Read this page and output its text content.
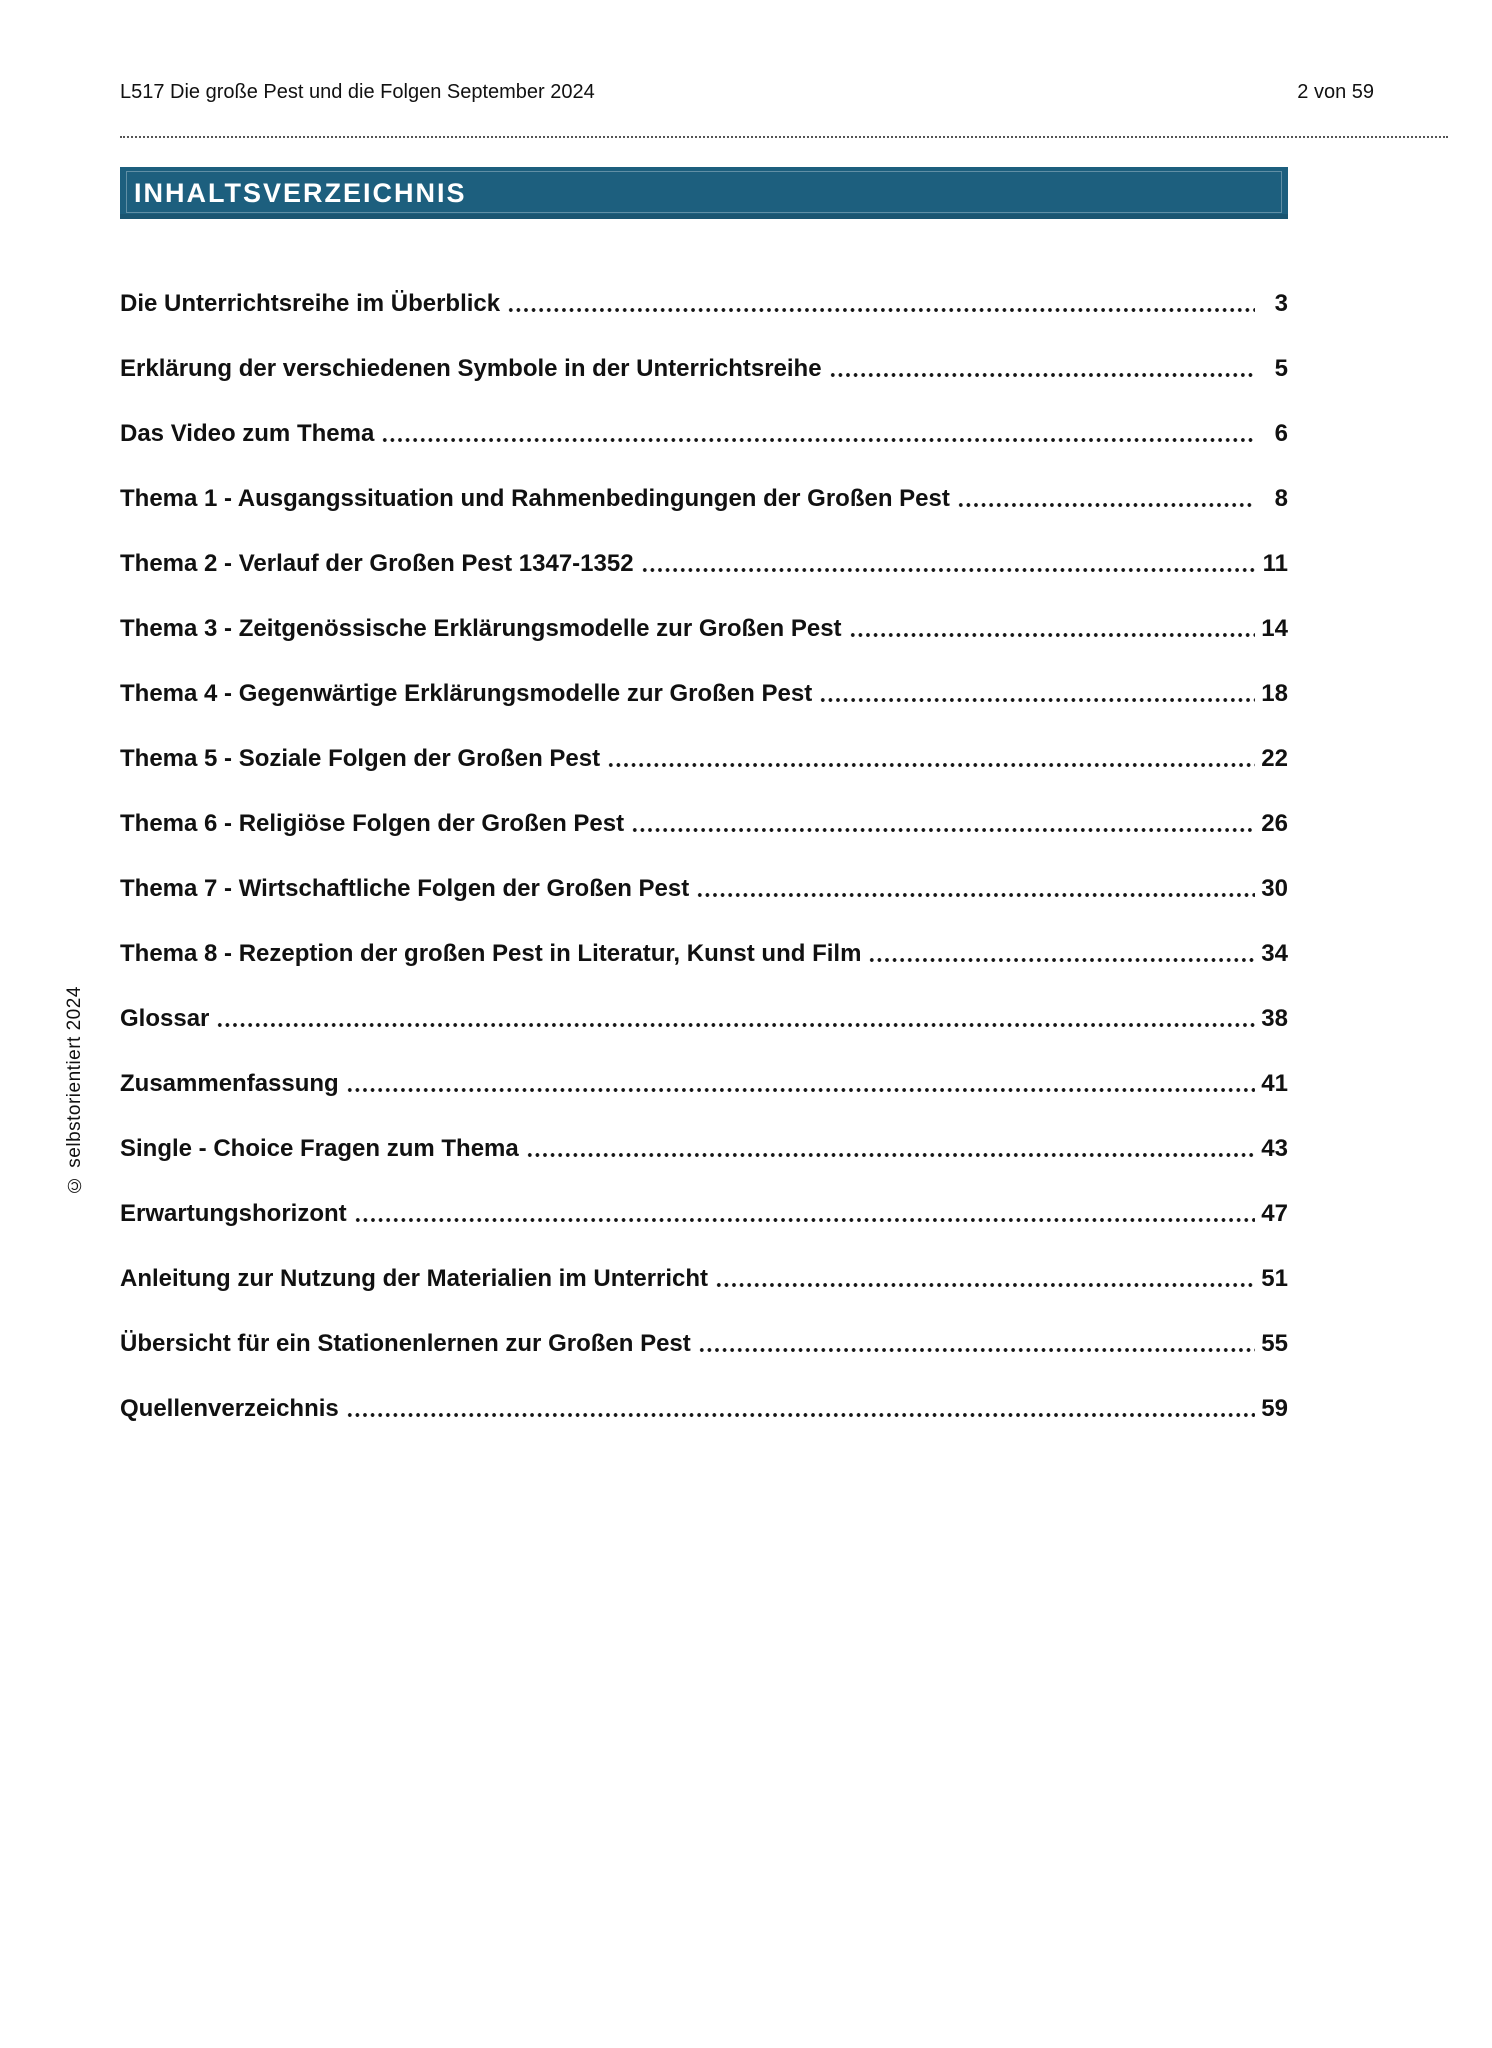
L517 Die große Pest und die Folgen September 2024	2 von 59
INHALTSVERZEICHNIS
Die Unterrichtsreihe im Überblick	3
Erklärung der verschiedenen Symbole in der Unterrichtsreihe	5
Das Video zum Thema	6
Thema 1 - Ausgangssituation und Rahmenbedingungen der Großen Pest	8
Thema 2 - Verlauf der Großen Pest 1347-1352	11
Thema 3 - Zeitgenössische Erklärungsmodelle zur Großen Pest	14
Thema 4 - Gegenwärtige Erklärungsmodelle zur Großen Pest	18
Thema 5 - Soziale Folgen der Großen Pest	22
Thema 6 - Religiöse Folgen der Großen Pest	26
Thema 7 - Wirtschaftliche Folgen der Großen Pest	30
Thema 8 - Rezeption der großen Pest in Literatur, Kunst und Film	34
Glossar	38
Zusammenfassung	41
Single - Choice Fragen zum Thema	43
Erwartungshorizont	47
Anleitung zur Nutzung der Materialien im Unterricht	51
Übersicht für ein Stationenlernen zur Großen Pest	55
Quellenverzeichnis	59
© selbstorientiert 2024
